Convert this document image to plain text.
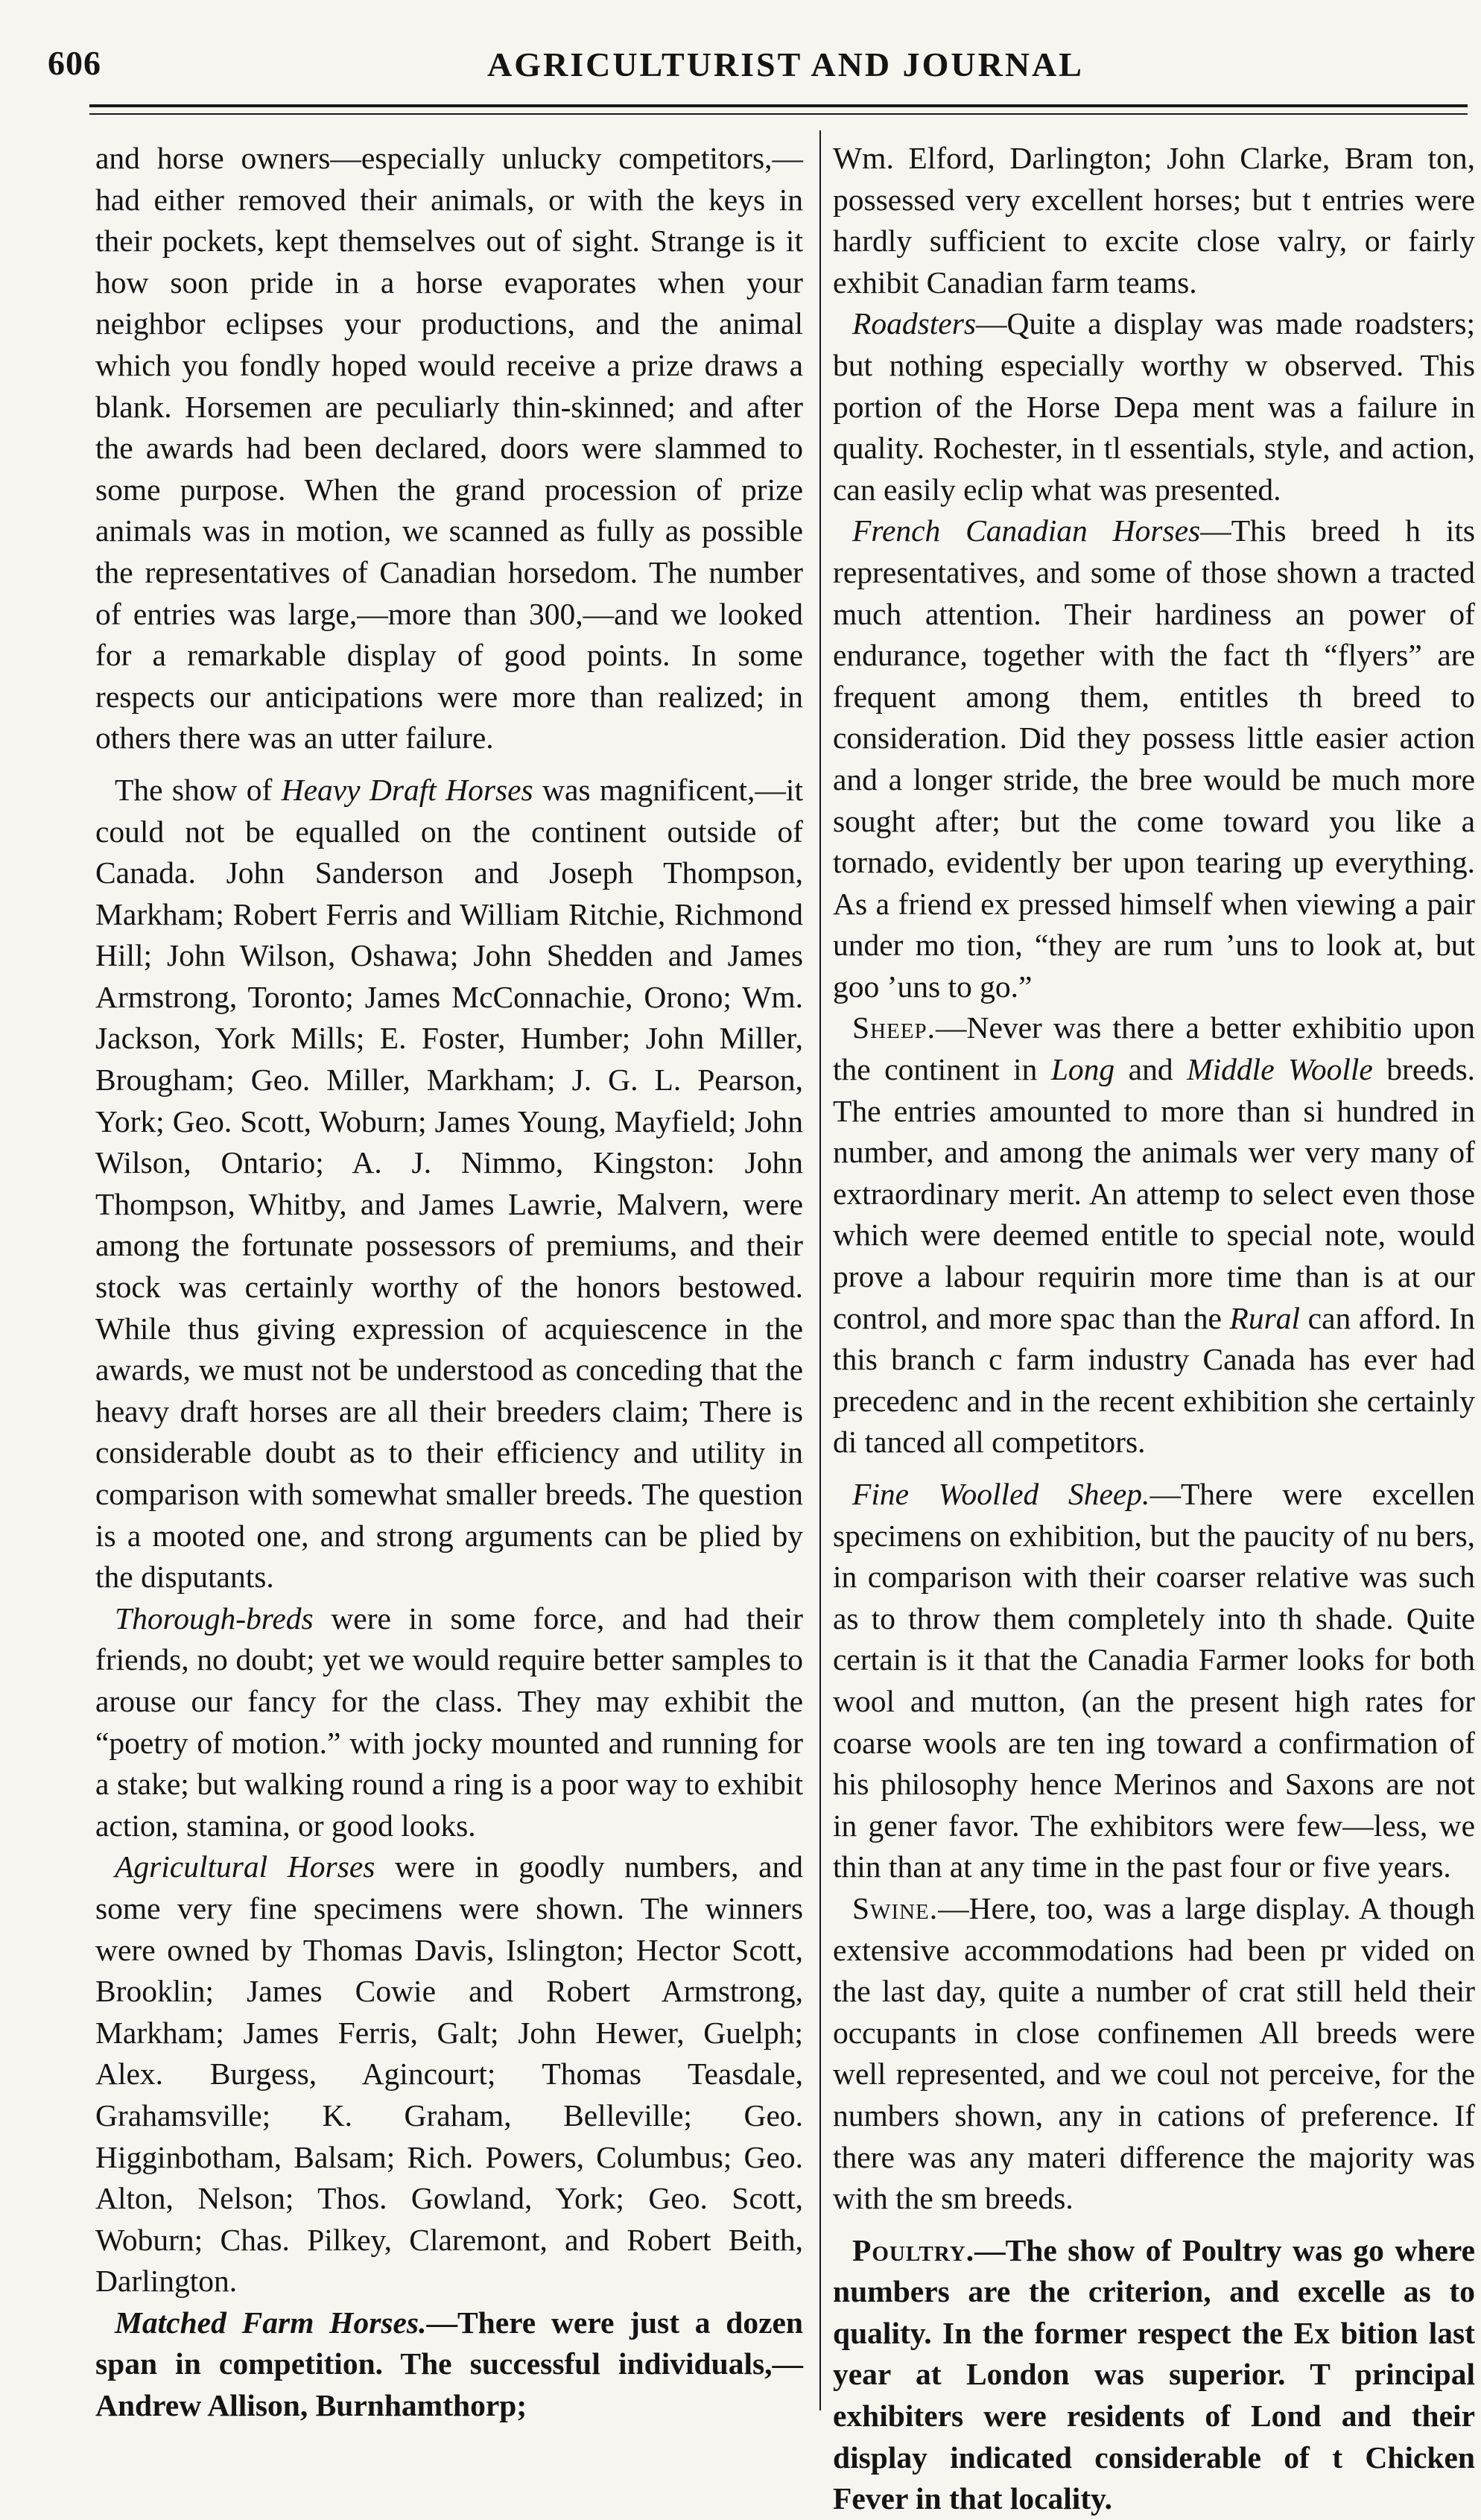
606	AGRICULTURIST AND JOURNAL

and horse owners—especially unlucky competitors,—had either removed their animals, or with the keys in their pockets, kept themselves out of sight. Strange is it how soon pride in a horse evaporates when your neighbor eclipses your productions, and the animal which you fondly hoped would receive a prize draws a blank. Horsemen are peculiarly thin-skinned; and after the awards had been declared, doors were slammed to some purpose. When the grand procession of prize animals was in motion, we scanned as fully as possible the representatives of Canadian horsedom. The number of entries was large,—more than 300,—and we looked for a remarkable display of good points. In some respects our anticipations were more than realized; in others there was an utter failure.

The show of Heavy Draft Horses was magnificent,—it could not be equalled on the continent outside of Canada. John Sanderson and Joseph Thompson, Markham; Robert Ferris and William Ritchie, Richmond Hill; John Wilson, Oshawa; John Shedden and James Armstrong, Toronto; James McConnachie, Orono; Wm. Jackson, York Mills; E. Foster, Humber; John Miller, Brougham; Geo. Miller, Markham; J. G. L. Pearson, York; Geo. Scott, Woburn; James Young, Mayfield; John Wilson, Ontario; A. J. Nimmo, Kingston: John Thompson, Whitby, and James Lawrie, Malvern, were among the fortunate possessors of premiums, and their stock was certainly worthy of the honors bestowed. While thus giving expression of acquiescence in the awards, we must not be understood as conceding that the heavy draft horses are all their breeders claim; There is considerable doubt as to their efficiency and utility in comparison with somewhat smaller breeds. The question is a mooted one, and strong arguments can be plied by the disputants.

Thorough-breds were in some force, and had their friends, no doubt; yet we would require better samples to arouse our fancy for the class. They may exhibit the “poetry of motion.” with jocky mounted and running for a stake; but walking round a ring is a poor way to exhibit action, stamina, or good looks.

Agricultural Horses were in goodly numbers, and some very fine specimens were shown. The winners were owned by Thomas Davis, Islington; Hector Scott, Brooklin; James Cowie and Robert Armstrong, Markham; James Ferris, Galt; John Hewer, Guelph; Alex. Burgess, Agincourt; Thomas Teasdale, Grahamsville; K. Graham, Belleville; Geo. Higginbotham, Balsam; Rich. Powers, Columbus; Geo. Alton, Nelson; Thos. Gowland, York; Geo. Scott, Woburn; Chas. Pilkey, Claremont, and Robert Beith, Darlington.

Matched Farm Horses.—There were just a dozen span in competition. The successful individuals,—Andrew Allison, Burnhamthorp;

Wm. Elford, Darlington; John Clarke, Bram ton, possessed very excellent horses; but t entries were hardly sufficient to excite close valry, or fairly exhibit Canadian farm teams.

Roadsters—Quite a display was made roadsters; but nothing especially worthy w observed. This portion of the Horse Depa ment was a failure in quality. Rochester, in tl essentials, style, and action, can easily eclip what was presented.

French Canadian Horses—This breed h its representatives, and some of those shown a tracted much attention. Their hardiness an power of endurance, together with the fact th “flyers” are frequent among them, entitles th breed to consideration. Did they possess little easier action and a longer stride, the bree would be much more sought after; but the come toward you like a tornado, evidently ber upon tearing up everything. As a friend ex pressed himself when viewing a pair under mo tion, “they are rum ’uns to look at, but goo ’uns to go.”

Sheep.—Never was there a better exhibitio upon the continent in Long and Middle Woolle breeds. The entries amounted to more than si hundred in number, and among the animals wer very many of extraordinary merit. An attemp to select even those which were deemed entitle to special note, would prove a labour requirin more time than is at our control, and more spac than the Rural can afford. In this branch c farm industry Canada has ever had precedenc and in the recent exhibition she certainly di tanced all competitors.

Fine Woolled Sheep.—There were excellen specimens on exhibition, but the paucity of nu bers, in comparison with their coarser relative was such as to throw them completely into th shade. Quite certain is it that the Canadia Farmer looks for both wool and mutton, (an the present high rates for coarse wools are ten ing toward a confirmation of his philosophy hence Merinos and Saxons are not in gener favor. The exhibitors were few—less, we thin than at any time in the past four or five years.

Swine.—Here, too, was a large display. A though extensive accommodations had been pr vided on the last day, quite a number of crat still held their occupants in close confinemen All breeds were well represented, and we coul not perceive, for the numbers shown, any in cations of preference. If there was any materi difference the majority was with the sm breeds.

Poultry.—The show of Poultry was go where numbers are the criterion, and excelle as to quality. In the former respect the Ex bition last year at London was superior. T principal exhibiters were residents of Lond and their display indicated considerable of t Chicken Fever in that locality.
